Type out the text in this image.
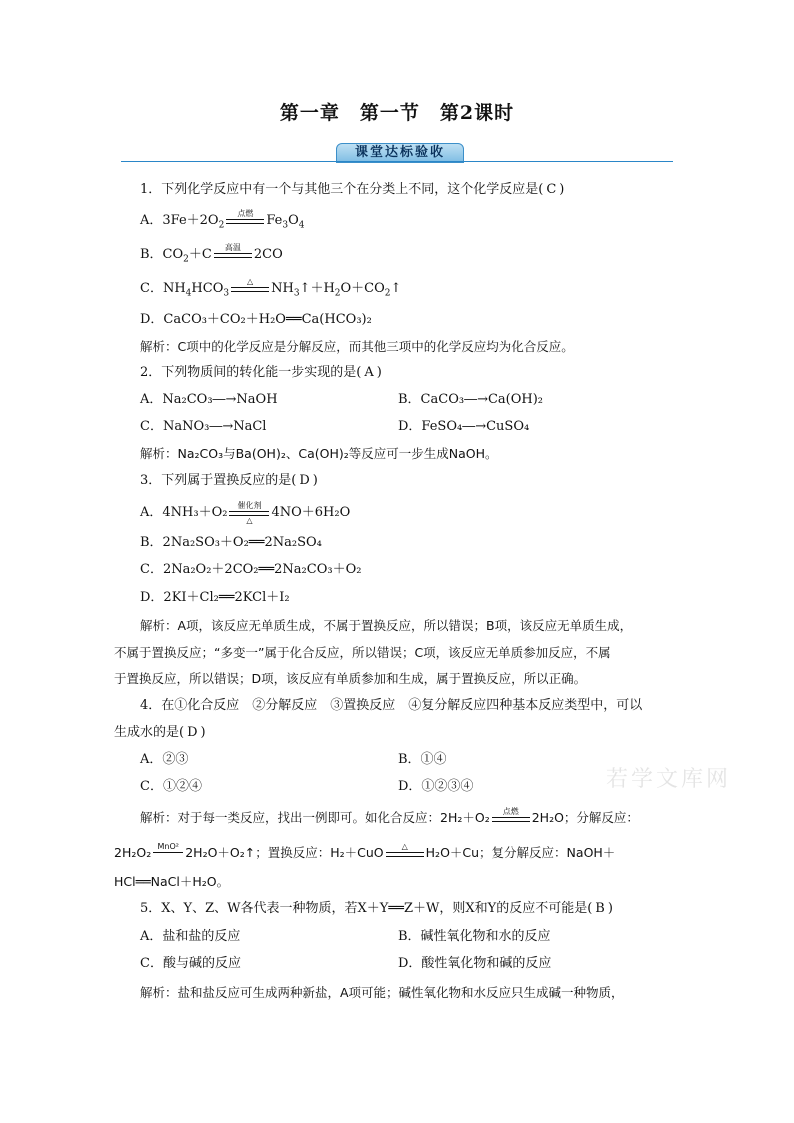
第一章　第一节　第2课时
课堂达标验收
1．下列化学反应中有一个与其他三个在分类上不同，这个化学反应是( C )
A．$3Fe+2O_2$
点燃	$Fe_3O_4$
B．$CO_2+C$	高温	2CO
C．$NH_4HCO_3$
△	$NH_3↑+H_2O+CO_2↑$
D．CaCO₃＋CO₂＋H₂O══Ca(HCO₃)₂
解析：C项中的化学反应是分解反应，而其他三项中的化学反应均为化合反应。
2．下列物质间的转化能一步实现的是( A )
A．Na₂CO₃―→NaOH	B．CaCO₃―→Ca(OH)₂
C．NaNO₃―→NaCl	D．FeSO₄―→CuSO₄
解析：Na₂CO₃与Ba(OH)₂、Ca(OH)₂等反应可一步生成NaOH。
3．下列属于置换反应的是( D )
A．4NH₃＋O₂	催化剂
△	4NO＋6H₂O
B．2Na₂SO₃＋O₂══2Na₂SO₄
C．2Na₂O₂＋2CO₂══2Na₂CO₃＋O₂
D．2KI＋Cl₂══2KCl＋I₂
解析：A项，该反应无单质生成，不属于置换反应，所以错误；B项，该反应无单质生成，
不属于置换反应；“多变一”属于化合反应，所以错误；C项，该反应无单质参加反应，不属
于置换反应，所以错误；D项，该反应有单质参加和生成，属于置换反应，所以正确。
4．在①化合反应　②分解反应　③置换反应　④复分解反应四种基本反应类型中，可以
生成水的是( D )
A．②③	B．①④
C．①②④	D．①②③④
解析：对于每一类反应，找出一例即可。如化合反应：2H₂＋O₂	点燃	2H₂O；分解反应：
2H₂O₂ MnO² 2H₂O＋O₂↑；置换反应：H₂＋CuO	△	H₂O＋Cu；复分解反应：NaOH＋
HCl══NaCl＋H₂O。
5．X、Y、Z、W各代表一种物质，若X＋Y══Z＋W，则X和Y的反应不可能是( B )
A．盐和盐的反应	B．碱性氧化物和水的反应
C．酸与碱的反应	D．酸性氧化物和碱的反应
解析：盐和盐反应可生成两种新盐，A项可能；碱性氧化物和水反应只生成碱一种物质，
若学文库网
